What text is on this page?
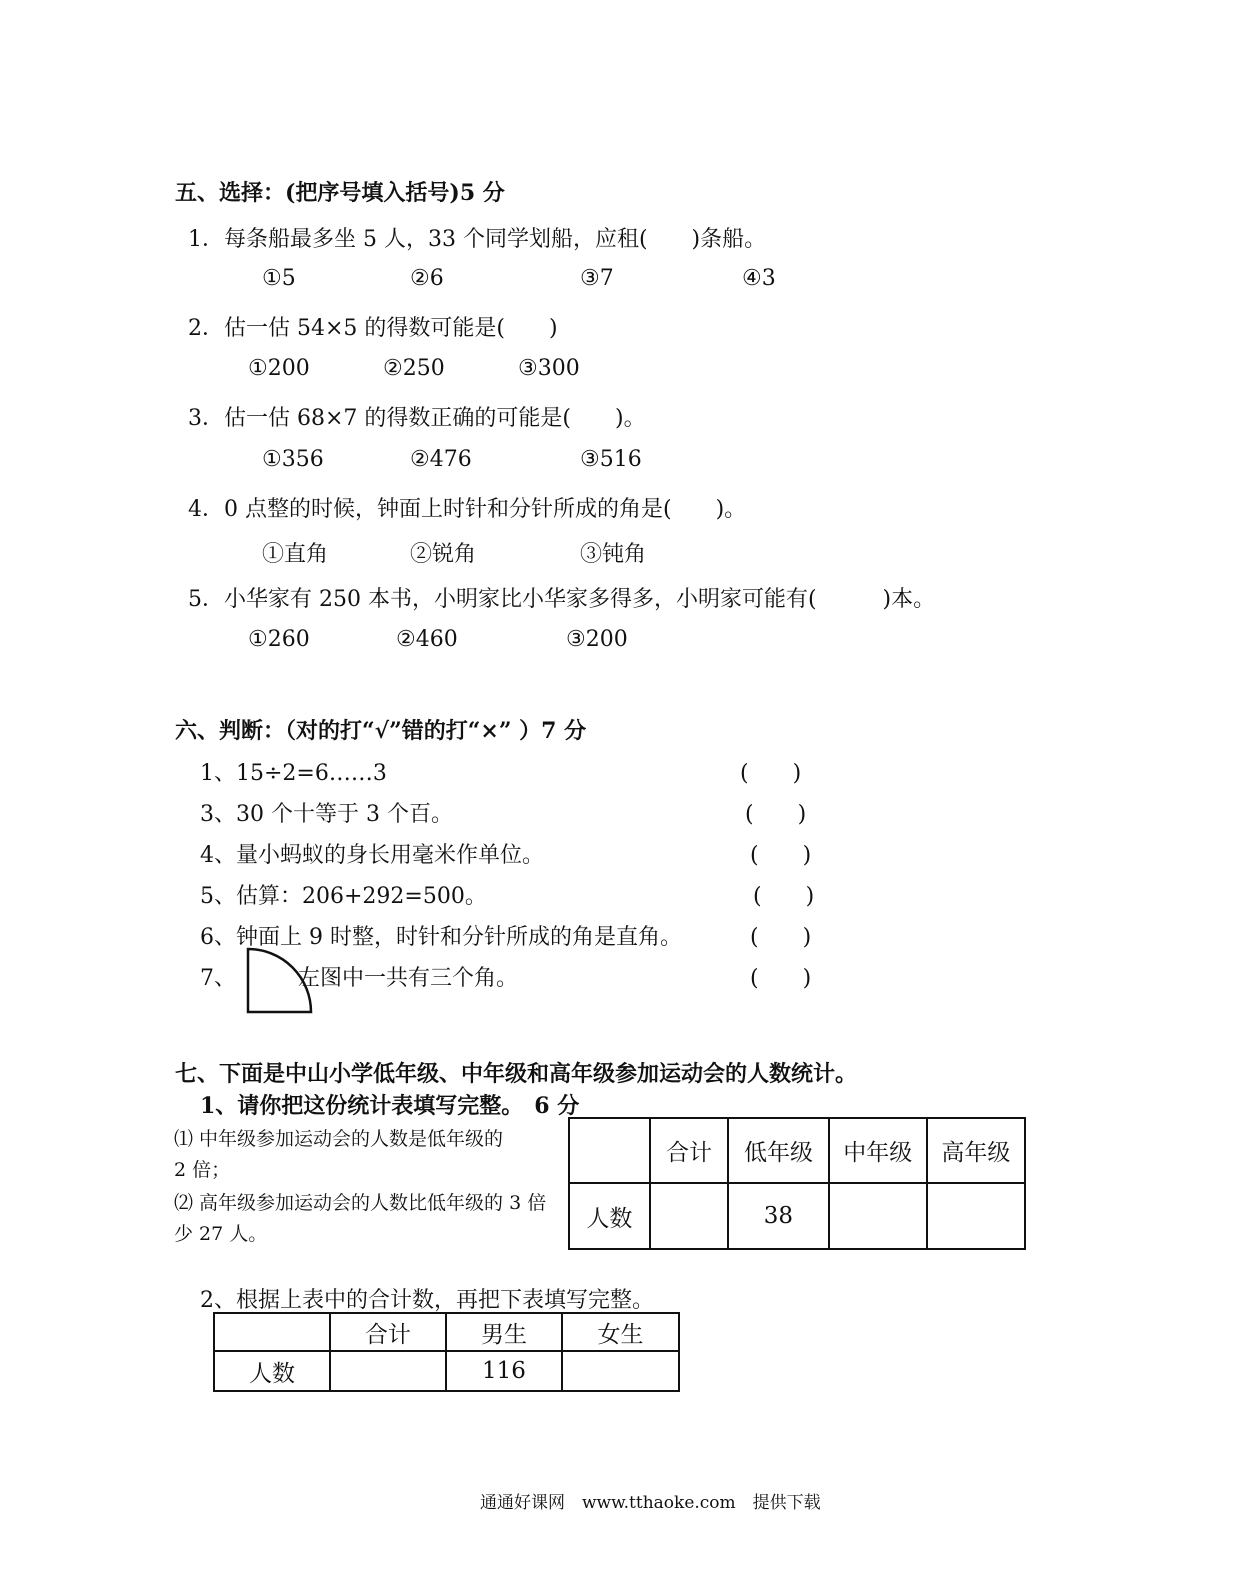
五、选择：(把序号填入括号)5 分
1．每条船最多坐 5 人，33 个同学划船，应租(　　)条船。
①5	②6	③7	④3
2．估一估 54×5 的得数可能是(　　)
①200	②250	③300
3．估一估 68×7 的得数正确的可能是(　　)。
①356	②476	③516
4．0 点整的时候，钟面上时针和分针所成的角是(　　)。
①直角	②锐角	③钝角
5．小华家有 250 本书，小明家比小华家多得多，小明家可能有(　　　)本。
①260	②460	③200
六、判断：（对的打“√”错的打“×” ）7 分
1、15÷2=6……3	(　　)
3、30 个十等于 3 个百。	(　　)
4、量小蚂蚁的身长用毫米作单位。	(　　)
5、估算：206+292=500。	(　　)
6、钟面上 9 时整，时针和分针所成的角是直角。	(　　)
7、	左图中一共有三个角。	(　　)
七、下面是中山小学低年级、中年级和高年级参加运动会的人数统计。
1、请你把这份统计表填写完整。　6 分
⑴ 中年级参加运动会的人数是低年级的
2 倍；
⑵ 高年级参加运动会的人数比低年级的 3 倍
少 27 人。
	合计	低年级	中年级	高年级
人数		38		
2、根据上表中的合计数，再把下表填写完整。
	合计	男生	女生
人数		116	
通通好课网　www.tthaoke.com　提供下载
